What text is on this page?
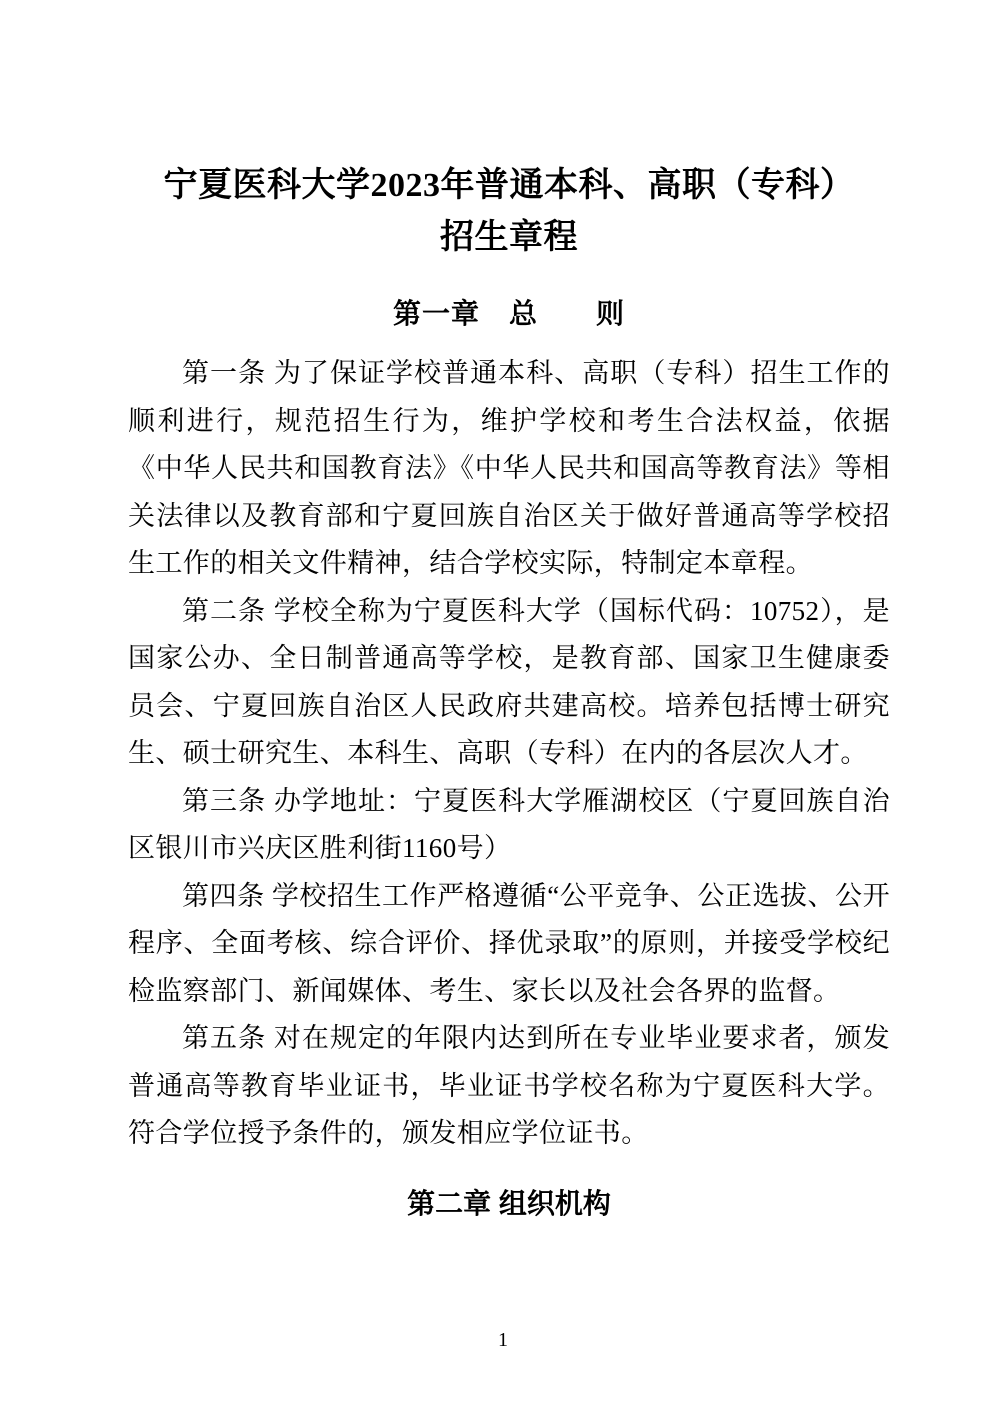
宁夏医科大学2023年普通本科、高职（专科）
招生章程
第一章　总　　则

第一条 为了保证学校普通本科、高职（专科）招生工作的顺利进行，规范招生行为，维护学校和考生合法权益，依据《中华人民共和国教育法》《中华人民共和国高等教育法》等相关法律以及教育部和宁夏回族自治区关于做好普通高等学校招生工作的相关文件精神，结合学校实际，特制定本章程。

第二条 学校全称为宁夏医科大学（国标代码：10752），是国家公办、全日制普通高等学校，是教育部、国家卫生健康委员会、宁夏回族自治区人民政府共建高校。培养包括博士研究生、硕士研究生、本科生、高职（专科）在内的各层次人才。

第三条 办学地址：宁夏医科大学雁湖校区（宁夏回族自治区银川市兴庆区胜利街1160号）

第四条 学校招生工作严格遵循“公平竞争、公正选拔、公开程序、全面考核、综合评价、择优录取”的原则，并接受学校纪检监察部门、新闻媒体、考生、家长以及社会各界的监督。

第五条 对在规定的年限内达到所在专业毕业要求者，颁发普通高等教育毕业证书，毕业证书学校名称为宁夏医科大学。符合学位授予条件的，颁发相应学位证书。

第二章 组织机构
1
